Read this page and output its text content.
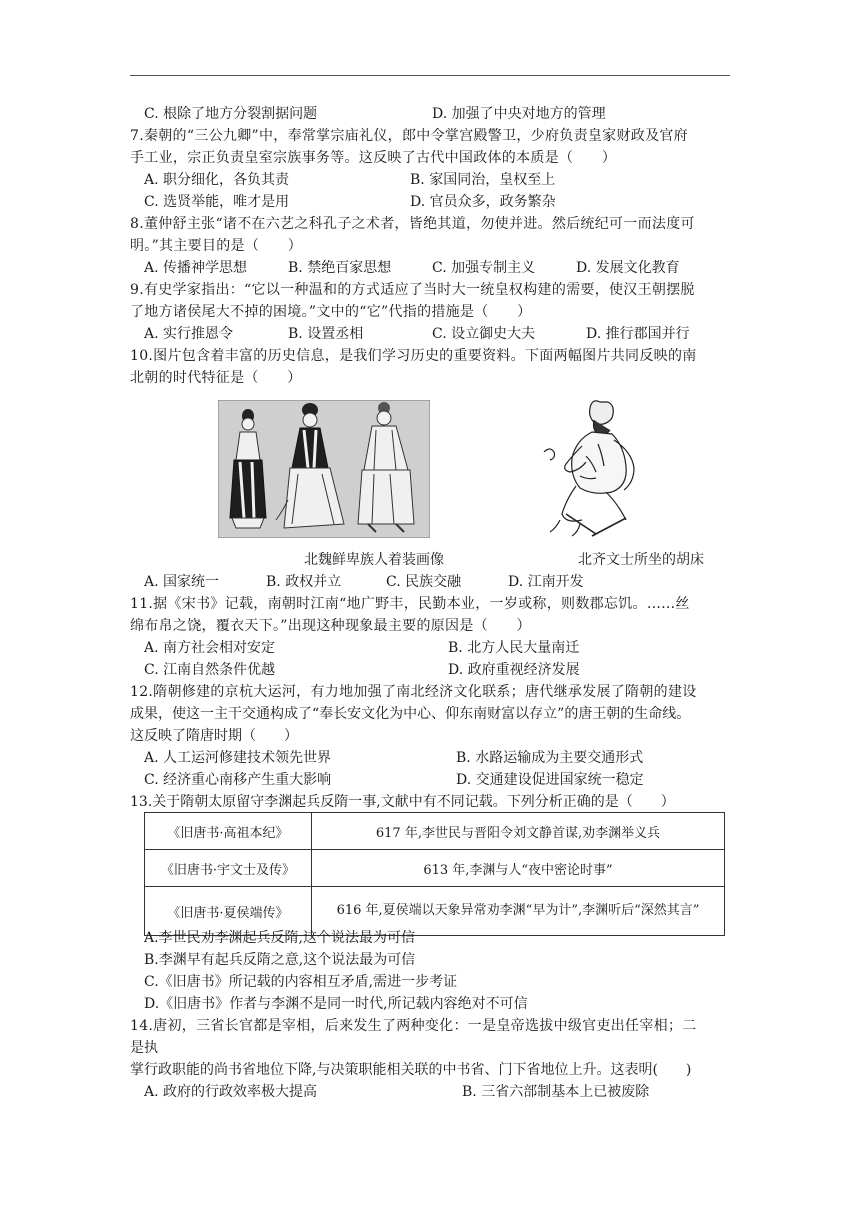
C. 根除了地方分裂割据问题	D. 加强了中央对地方的管理
7.秦朝的“三公九卿”中，奉常掌宗庙礼仪，郎中令掌宫殿警卫，少府负责皇家财政及官府
手工业，宗正负责皇室宗族事务等。这反映了古代中国政体的本质是（　　）
A. 职分细化，各负其责	B. 家国同治，皇权至上
C. 选贤举能，唯才是用	D. 官员众多，政务繁杂
8.董仲舒主张“诸不在六艺之科孔子之术者，皆绝其道，勿使并进。然后统纪可一而法度可
明。”其主要目的是（　　）
A. 传播神学思想	B. 禁绝百家思想	C. 加强专制主义	D. 发展文化教育
9.有史学家指出：“它以一种温和的方式适应了当时大一统皇权构建的需要，使汉王朝摆脱
了地方诸侯尾大不掉的困境。”文中的“它”代指的措施是（　　）
A. 实行推恩令	B. 设置丞相	C. 设立御史大夫	D. 推行郡国并行
10.图片包含着丰富的历史信息，是我们学习历史的重要资料。下面两幅图片共同反映的南
北朝的时代特征是（　　）
北魏鲜卑族人着装画像	北齐文士所坐的胡床
A. 国家统一	B. 政权并立	C. 民族交融	D. 江南开发
11.据《宋书》记载，南朝时江南“地广野丰，民勤本业，一岁或称，则数郡忘饥。……丝
绵布帛之饶，覆衣天下。”出现这种现象最主要的原因是（　　）
A. 南方社会相对安定	B. 北方人民大量南迁
C. 江南自然条件优越	D. 政府重视经济发展
12.隋朝修建的京杭大运河，有力地加强了南北经济文化联系；唐代继承发展了隋朝的建设
成果，使这一主干交通构成了“奉长安文化为中心、仰东南财富以存立”的唐王朝的生命线。
这反映了隋唐时期（　　）
A. 人工运河修建技术领先世界	B. 水路运输成为主要交通形式
C. 经济重心南移产生重大影响	D. 交通建设促进国家统一稳定
13.关于隋朝太原留守李渊起兵反隋一事,文献中有不同记载。下列分析正确的是（　　）
《旧唐书·高祖本纪》	617 年,李世民与晋阳令刘文静首谋,劝李渊举义兵
《旧唐书·宇文士及传》	613 年,李渊与人“夜中密论时事”
《旧唐书·夏侯端传》	616 年,夏侯端以天象异常劝李渊“早为计”,李渊听后“深然其言”
A.李世民劝李渊起兵反隋,这个说法最为可信
B.李渊早有起兵反隋之意,这个说法最为可信
C.《旧唐书》所记载的内容相互矛盾,需进一步考证
D.《旧唐书》作者与李渊不是同一时代,所记载内容绝对不可信
14.唐初，三省长官都是宰相，后来发生了两种变化：一是皇帝选拔中级官吏出任宰相；二
是执
掌行政职能的尚书省地位下降,与决策职能相关联的中书省、门下省地位上升。这表明(　　)
A. 政府的行政效率极大提高	B. 三省六部制基本上已被废除
